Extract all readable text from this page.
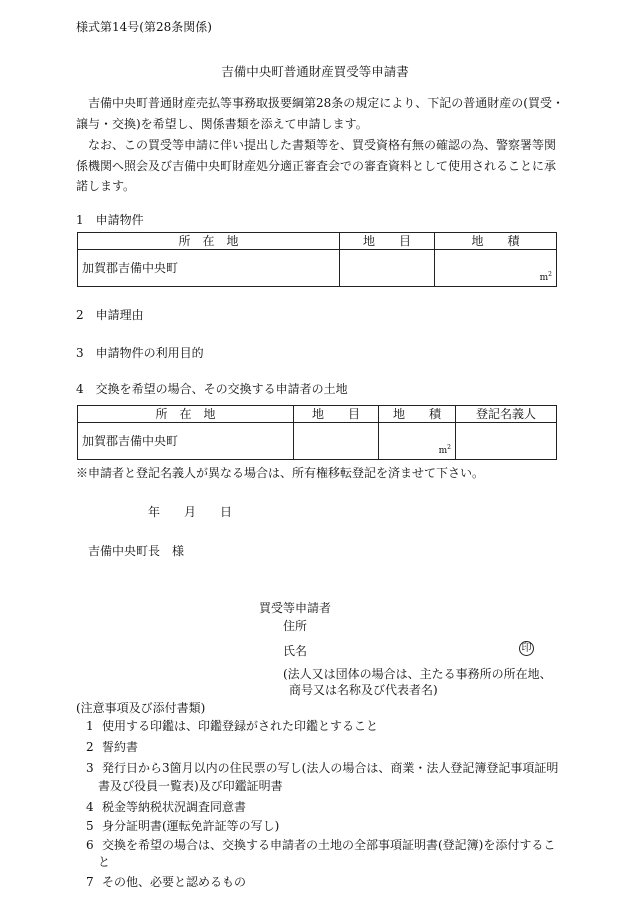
様式第14号(第28条関係)
吉備中央町普通財産買受等申請書
吉備中央町普通財産売払等事務取扱要綱第28条の規定により、下記の普通財産の(買受・
譲与・交換)を希望し、関係書類を添えて申請します。
なお、この買受等申請に伴い提出した書類等を、買受資格有無の確認の為、警察署等関
係機関へ照会及び吉備中央町財産処分適正審査会での審査資料として使用されることに承
諾します。
1　申請物件
所　在　地	地　　目	地　　積
加賀郡吉備中央町		$m^2$
2　申請理由
3　申請物件の利用目的
4　交換を希望の場合、その交換する申請者の土地
所　在　地	地　　目	地　　積	登記名義人
加賀郡吉備中央町		$m^2$

※申請者と登記名義人が異なる場合は、所有権移転登記を済ませて下さい。
年 月 日
吉備中央町長　様
買受等申請者
住所
氏名	印
(法人又は団体の場合は、主たる事務所の所在地、
商号又は名称及び代表者名)
(注意事項及び添付書類)
1 使用する印鑑は、印鑑登録がされた印鑑とすること
2 誓約書
3 発行日から3箇月以内の住民票の写し(法人の場合は、商業・法人登記簿登記事項証明
書及び役員一覧表)及び印鑑証明書
4 税金等納税状況調査同意書
5 身分証明書(運転免許証等の写し)
6 交換を希望の場合は、交換する申請者の土地の全部事項証明書(登記簿)を添付するこ
と
7 その他、必要と認めるもの
